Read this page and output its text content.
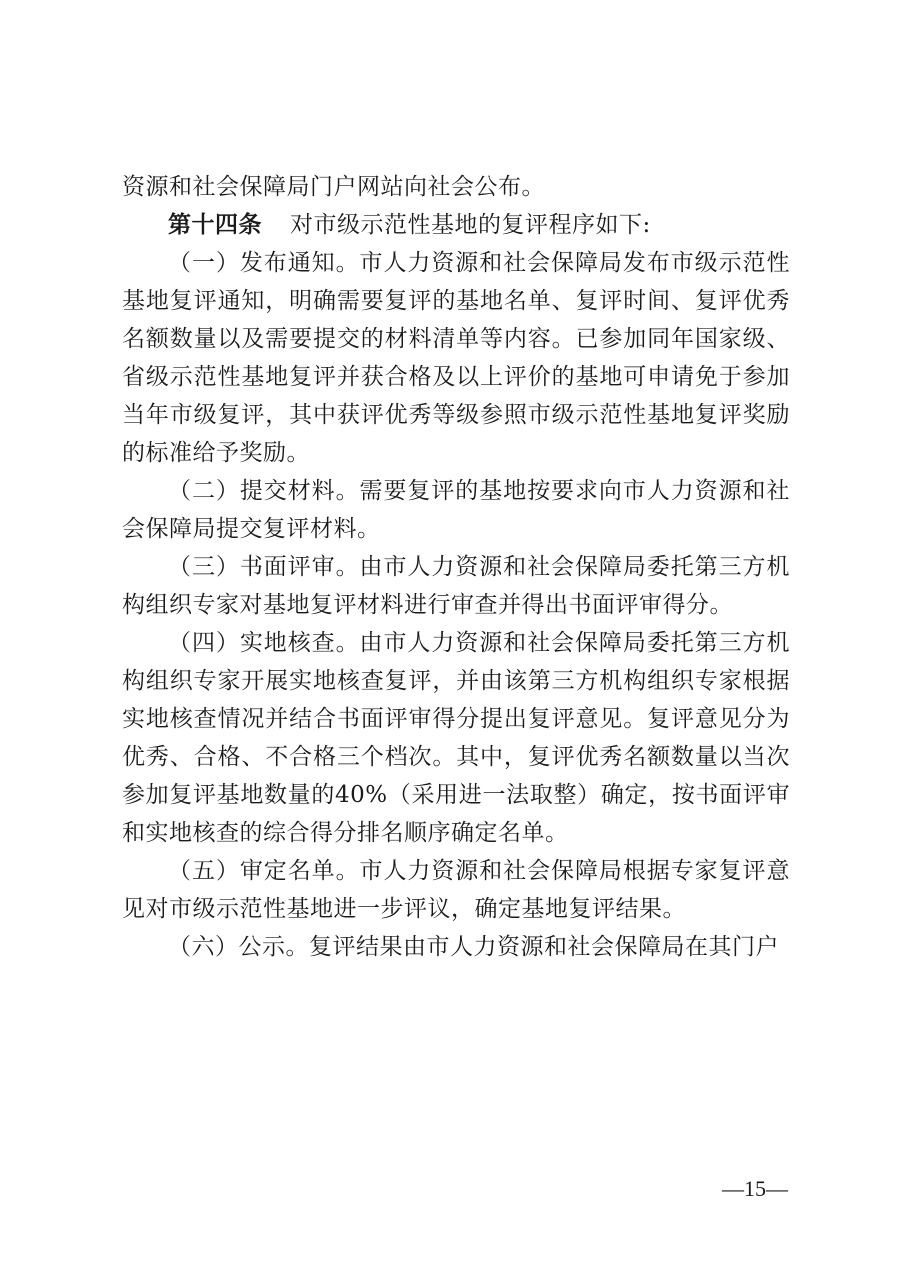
资源和社会保障局门户网站向社会公布。

第十四条 对市级示范性基地的复评程序如下:

（一）发布通知。市人力资源和社会保障局发布市级示范性基地复评通知，明确需要复评的基地名单、复评时间、复评优秀名额数量以及需要提交的材料清单等内容。已参加同年国家级、省级示范性基地复评并获合格及以上评价的基地可申请免于参加当年市级复评，其中获评优秀等级参照市级示范性基地复评奖励的标准给予奖励。

（二）提交材料。需要复评的基地按要求向市人力资源和社会保障局提交复评材料。

（三）书面评审。由市人力资源和社会保障局委托第三方机构组织专家对基地复评材料进行审查并得出书面评审得分。

（四）实地核查。由市人力资源和社会保障局委托第三方机构组织专家开展实地核查复评，并由该第三方机构组织专家根据实地核查情况并结合书面评审得分提出复评意见。复评意见分为优秀、合格、不合格三个档次。其中，复评优秀名额数量以当次参加复评基地数量的40%（采用进一法取整）确定，按书面评审和实地核查的综合得分排名顺序确定名单。

（五）审定名单。市人力资源和社会保障局根据专家复评意见对市级示范性基地进一步评议，确定基地复评结果。

（六）公示。复评结果由市人力资源和社会保障局在其门户

—15—
